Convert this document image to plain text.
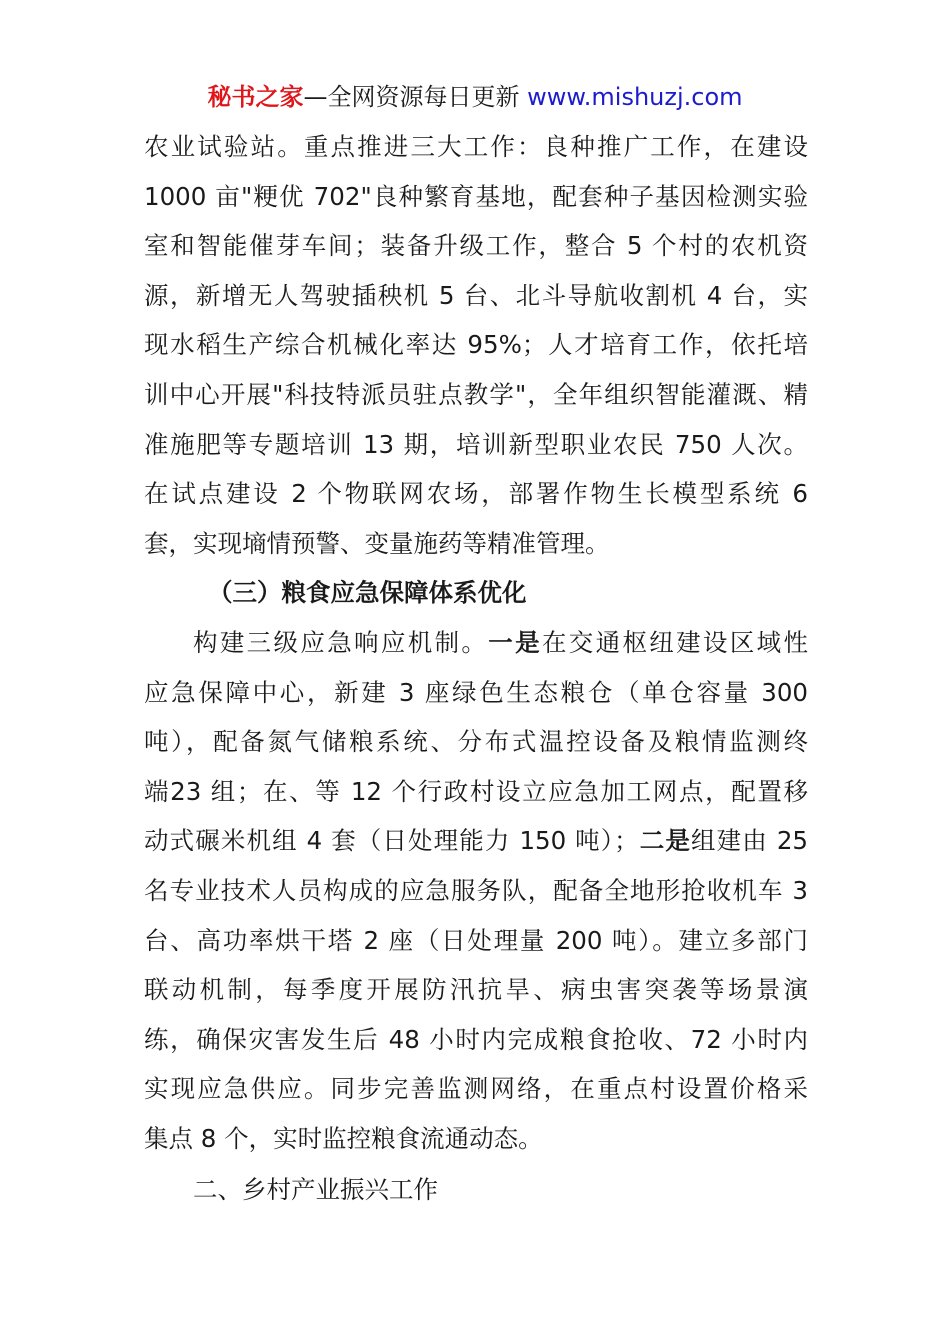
秘书之家—全网资源每日更新 www.mishuzj.com
农业试验站。重点推进三大工作：良种推广工作，在建设
1000 亩"粳优 702"良种繁育基地，配套种子基因检测实验
室和智能催芽车间；装备升级工作，整合 5 个村的农机资
源，新增无人驾驶插秧机 5 台、北斗导航收割机 4 台，实
现水稻生产综合机械化率达 95%；人才培育工作，依托培
训中心开展"科技特派员驻点教学"，全年组织智能灌溉、精
准施肥等专题培训 13 期，培训新型职业农民 750 人次。
在试点建设 2 个物联网农场，部署作物生长模型系统 6
套，实现墒情预警、变量施药等精准管理。
（三）粮食应急保障体系优化
构建三级应急响应机制。一是在交通枢纽建设区域性
应急保障中心，新建 3 座绿色生态粮仓（单仓容量 300
吨），配备氮气储粮系统、分布式温控设备及粮情监测终
端23 组；在、等 12 个行政村设立应急加工网点，配置移
动式碾米机组 4 套（日处理能力 150 吨）；二是组建由 25
名专业技术人员构成的应急服务队，配备全地形抢收机车 3
台、高功率烘干塔 2 座（日处理量 200 吨）。建立多部门
联动机制，每季度开展防汛抗旱、病虫害突袭等场景演
练，确保灾害发生后 48 小时内完成粮食抢收、72 小时内
实现应急供应。同步完善监测网络，在重点村设置价格采
集点 8 个，实时监控粮食流通动态。
二、乡村产业振兴工作
